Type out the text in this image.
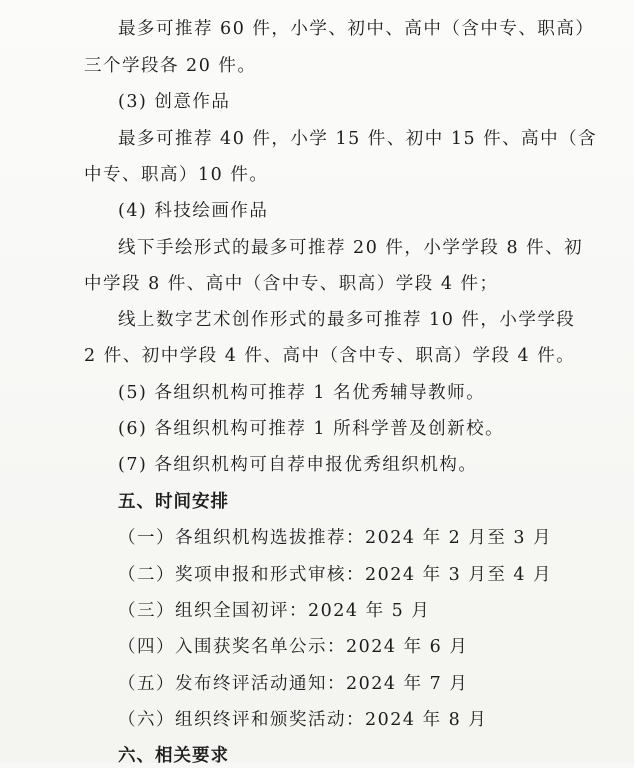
最多可推荐 60 件，小学、初中、高中（含中专、职高）
三个学段各 20 件。
(3) 创意作品
最多可推荐 40 件，小学 15 件、初中 15 件、高中（含
中专、职高）10 件。
(4) 科技绘画作品
线下手绘形式的最多可推荐 20 件，小学学段 8 件、初
中学段 8 件、高中（含中专、职高）学段 4 件；
线上数字艺术创作形式的最多可推荐 10 件，小学学段
2 件、初中学段 4 件、高中（含中专、职高）学段 4 件。
(5) 各组织机构可推荐 1 名优秀辅导教师。
(6) 各组织机构可推荐 1 所科学普及创新校。
(7) 各组织机构可自荐申报优秀组织机构。
五、时间安排
（一）各组织机构选拔推荐：2024 年 2 月至 3 月
（二）奖项申报和形式审核：2024 年 3 月至 4 月
（三）组织全国初评：2024 年 5 月
（四）入围获奖名单公示：2024 年 6 月
（五）发布终评活动通知：2024 年 7 月
（六）组织终评和颁奖活动：2024 年 8 月
六、相关要求
